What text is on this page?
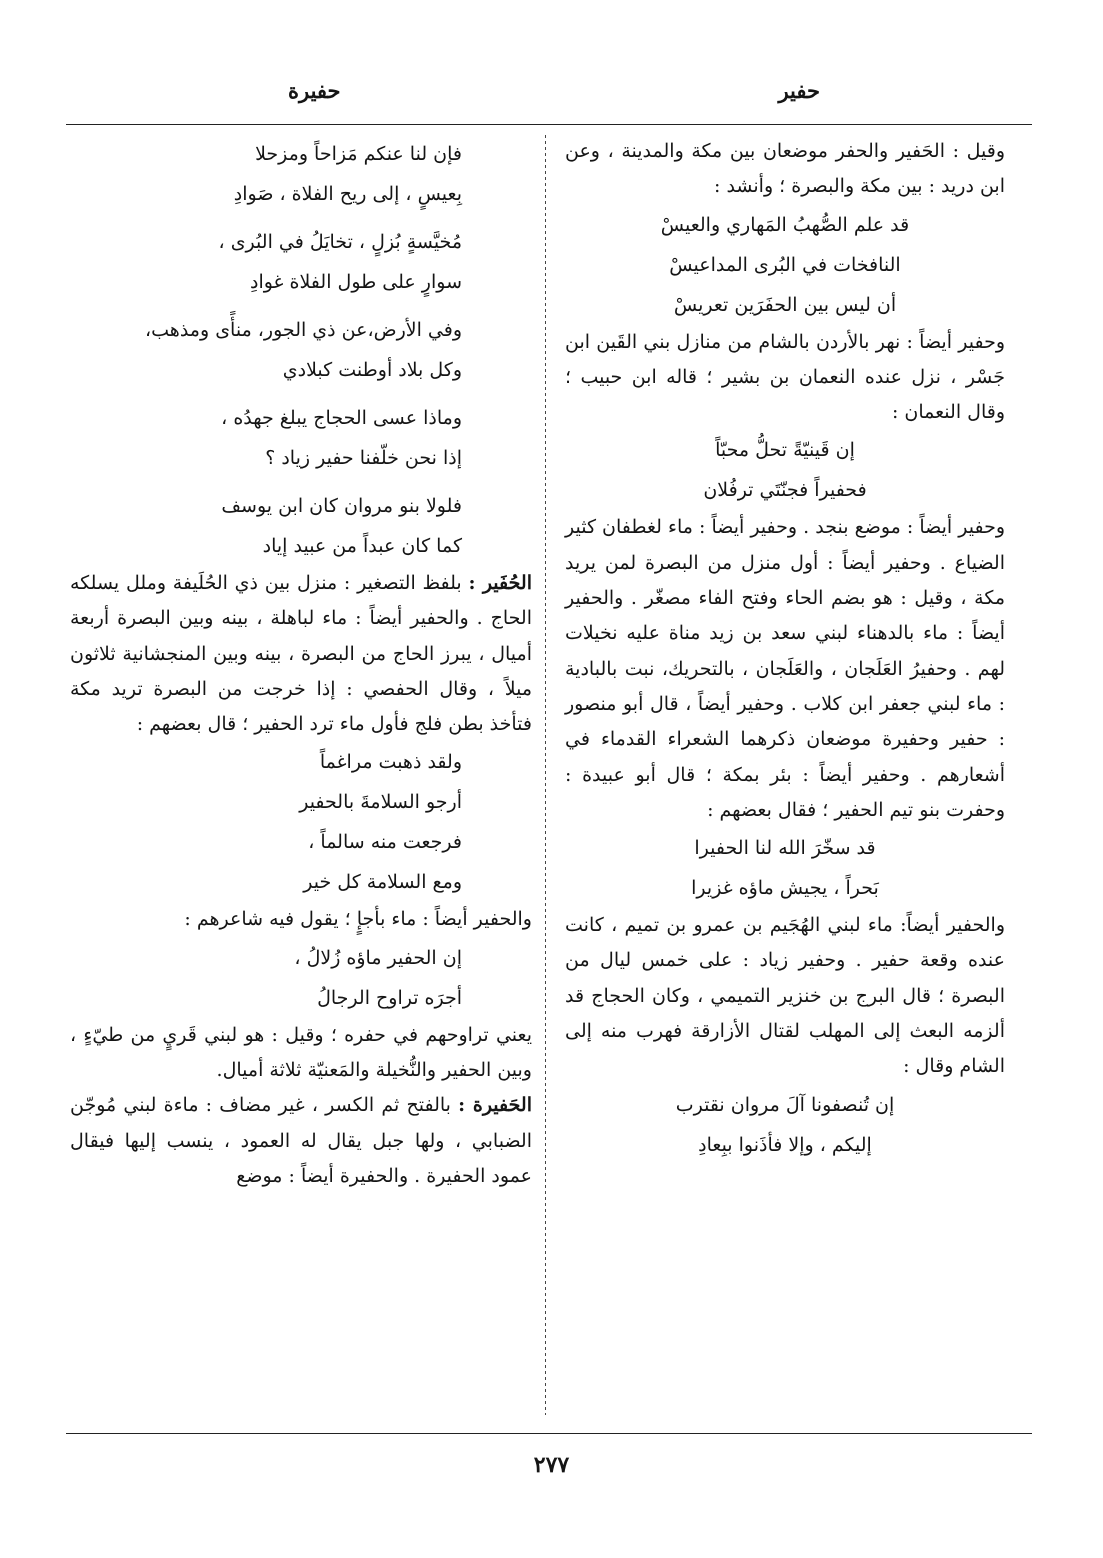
حفير
حفيرة

وقيل : الحَفير والحفر موضعان بين مكة والمدينة ، وعن ابن دريد : بين مكة والبصرة ؛ وأنشد :

قد علم الصُّهبُ المَهاري والعيسْ
النافخات في البُرى المداعيسْ
أن ليس بين الحفَرَين تعريسْ

وحفير أيضاً : نهر بالأردن بالشام من منازل بني القَين ابن جَسْر ، نزل عنده النعمان بن بشير ؛ قاله ابن حبيب ؛ وقال النعمان :

إن قَينيّةً تحلُّ محبّاً
فحفيراً فجنّتَي ترفُلان

وحفير أيضاً : موضع بنجد . وحفير أيضاً : ماء لغطفان كثير الضياع . وحفير أيضاً : أول منزل من البصرة لمن يريد مكة ، وقيل : هو بضم الحاء وفتح الفاء مصغّر . والحفير أيضاً : ماء بالدهناء لبني سعد بن زيد مناة عليه نخيلات لهم . وحفيرُ العَلَجان ، والعَلَجان ، بالتحريك، نبت بالبادية : ماء لبني جعفر ابن كلاب . وحفير أيضاً ، قال أبو منصور : حفير وحفيرة موضعان ذكرهما الشعراء القدماء في أشعارهم . وحفير أيضاً : بئر بمكة ؛ قال أبو عبيدة : وحفرت بنو تيم الحفير ؛ فقال بعضهم :

قد سخّرَ الله لنا الحفيرا
بَحراً ، يجيش ماؤه غزيرا

والحفير أيضاً: ماء لبني الهُجَيم بن عمرو بن تميم ، كانت عنده وقعة حفير . وحفير زياد : على خمس ليال من البصرة ؛ قال البرج بن خنزير التميمي ، وكان الحجاج قد ألزمه البعث إلى المهلب لقتال الأزارقة فهرب منه إلى الشام وقال :

إن تُنصفونا آلَ مروان نقترب
إليكم ، وإلا فأذَنوا ببِعادِ
فإن لنا عنكم مَزاحاً ومزحلا
بِعيسٍ ، إلى ريح الفلاة ، صَوادِ
مُخيَّسةٍ بُزلٍ ، تخايَلُ في البُرى ،
سوارٍ على طول الفلاة غوادِ
وفي الأرض،عن ذي الجور، منأًى ومذهب،
وكل بلاد أوطنت كبلادي
وماذا عسى الحجاج يبلغ جهدُه ،
إذا نحن خلّفنا حفير زياد ؟
فلولا بنو مروان كان ابن يوسف
كما كان عبداً من عبيد إياد

الحُفَير : بلفظ التصغير : منزل بين ذي الحُلَيفة وملل يسلكه الحاج . والحفير أيضاً : ماء لباهلة ، بينه وبين البصرة أربعة أميال ، يبرز الحاج من البصرة ، بينه وبين المنجشانية ثلاثون ميلاً ، وقال الحفصي : إذا خرجت من البصرة تريد مكة فتأخذ بطن فلج فأول ماء ترد الحفير ؛ قال بعضهم :

ولقد ذهبت مراغماً
أرجو السلامةَ بالحفير
فرجعت منه سالماً ،
ومع السلامة كل خير

والحفير أيضاً : ماء بأجإٍ ؛ يقول فيه شاعرهم :

إن الحفير ماؤه زُلالُ ،
أجرَه تراوح الرجالُ

يعني تراوحهم في حفره ؛ وقيل : هو لبني قَريٍ من طيّءٍ ، وبين الحفير والنُّخيلة والمَعنيّة ثلاثة أميال.

الحَفيرة : بالفتح ثم الكسر ، غير مضاف : ماءة لبني مُوجّن الضبابي ، ولها جبل يقال له العمود ، ينسب إليها فيقال عمود الحفيرة . والحفيرة أيضاً : موضع

٢٧٧
